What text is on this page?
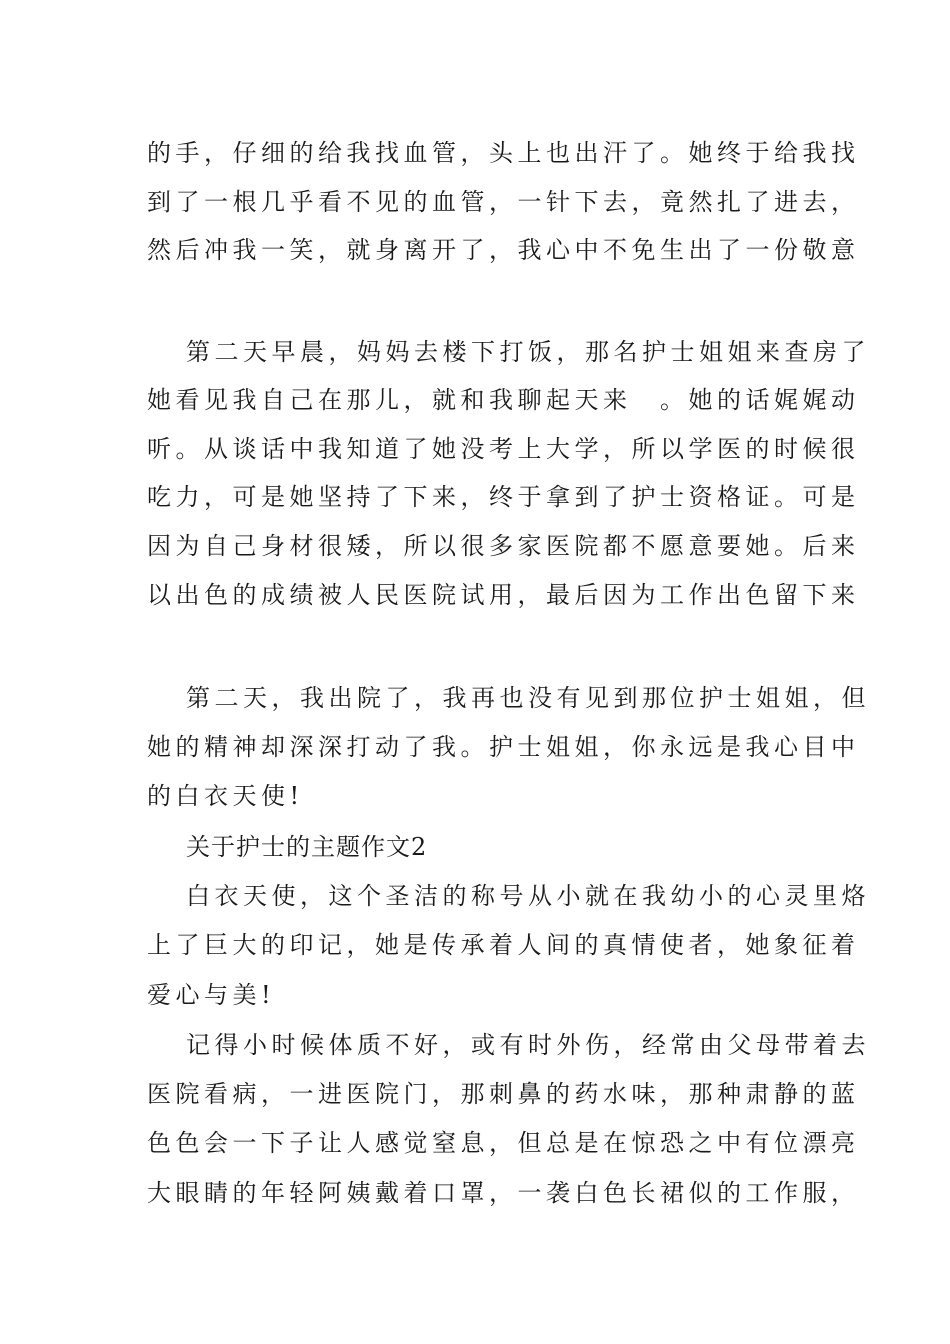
的手，仔细的给我找血管，头上也出汗了。她终于给我找
到了一根几乎看不见的血管，一针下去，竟然扎了进去，
然后冲我一笑，就身离开了，我心中不免生出了一份敬意
第二天早晨，妈妈去楼下打饭，那名护士姐姐来查房了
她看见我自己在那儿，就和我聊起天来　。她的话娓娓动
听。从谈话中我知道了她没考上大学，所以学医的时候很
吃力，可是她坚持了下来，终于拿到了护士资格证。可是
因为自己身材很矮，所以很多家医院都不愿意要她。后来
以出色的成绩被人民医院试用，最后因为工作出色留下来
第二天，我出院了，我再也没有见到那位护士姐姐，但
她的精神却深深打动了我。护士姐姐，你永远是我心目中
的白衣天使!
关于护士的主题作文2
白衣天使，这个圣洁的称号从小就在我幼小的心灵里烙
上了巨大的印记，她是传承着人间的真情使者，她象征着
爱心与美!
记得小时候体质不好，或有时外伤，经常由父母带着去
医院看病，一进医院门，那刺鼻的药水味，那种肃静的蓝
色色会一下子让人感觉窒息，但总是在惊恐之中有位漂亮
大眼睛的年轻阿姨戴着口罩，一袭白色长裙似的工作服，
